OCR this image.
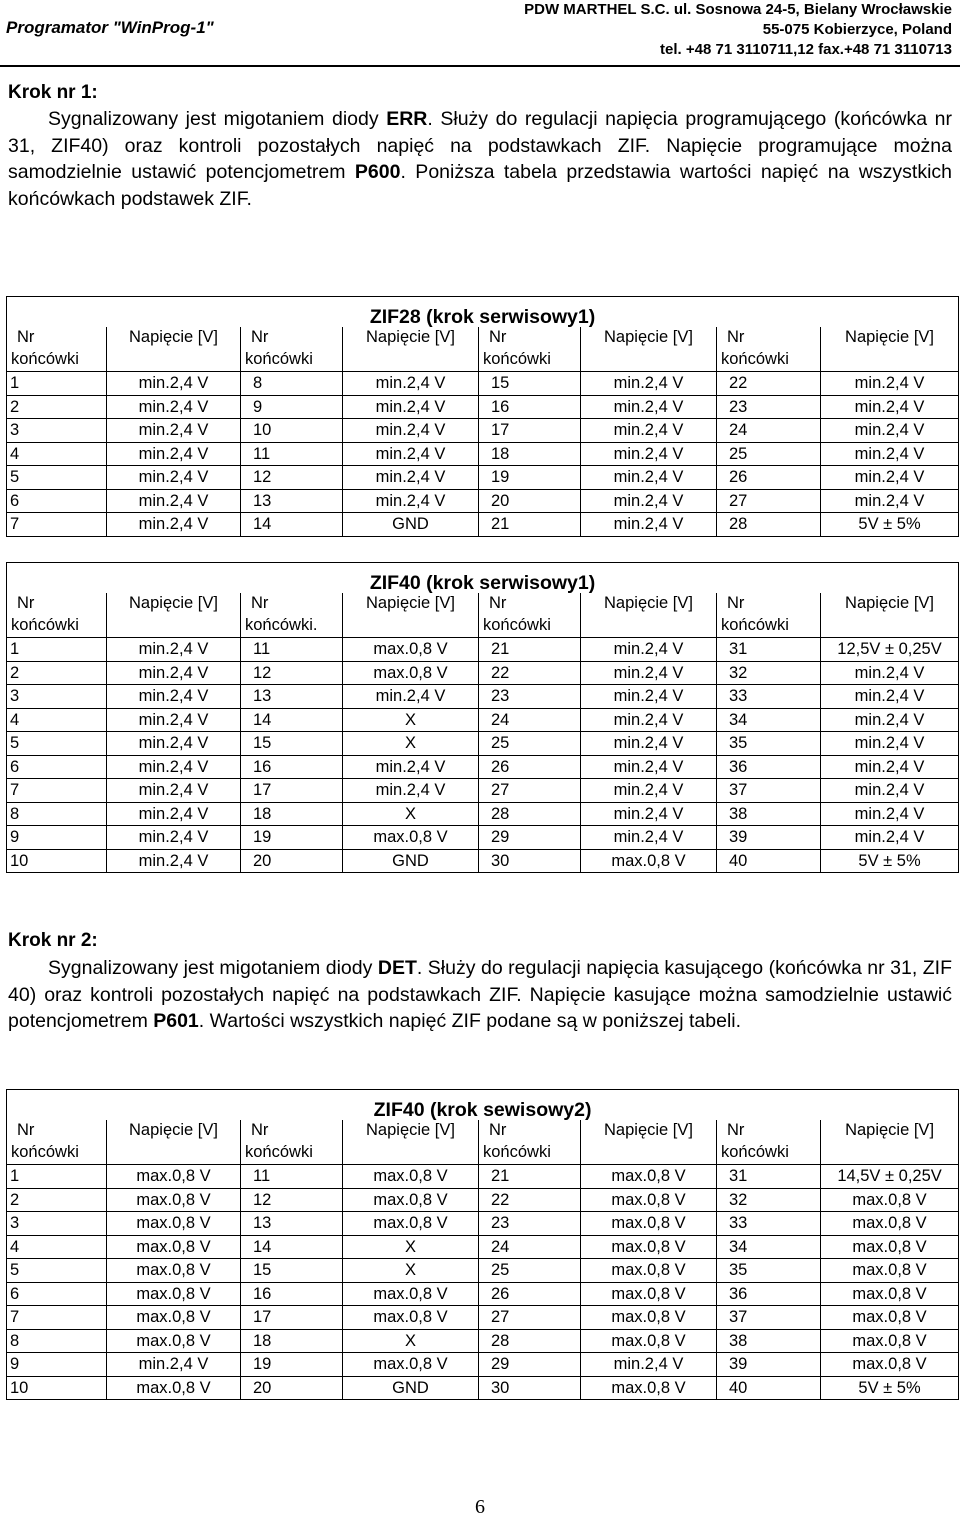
Programator "WinProg-1"
PDW MARTHEL S.C. ul. Sosnowa 24-5, Bielany Wrocławskie
55-075 Kobierzyce, Poland
tel. +48 71 3110711,12 fax.+48 71 3110713
Krok nr 1:
Sygnalizowany jest migotaniem diody ERR. Służy do regulacji napięcia programującego (końcówka nr 31, ZIF40) oraz kontroli pozostałych napięć na podstawkach ZIF. Napięcie programujące można samodzielnie ustawić potencjometrem P600. Poniższa tabela przedstawia wartości napięć na wszystkich końcówkach podstawek ZIF.
ZIF28 (krok serwisowy1)							
Nr	Napięcie [V]	Nr	Napięcie [V]	Nr	Napięcie [V]	Nr	Napięcie [V]
końcówki		końcówki		końcówki		końcówki	
1	min.2,4 V	8	min.2,4 V	15	min.2,4 V	22	min.2,4 V
2	min.2,4 V	9	min.2,4 V	16	min.2,4 V	23	min.2,4 V
3	min.2,4 V	10	min.2,4 V	17	min.2,4 V	24	min.2,4 V
4	min.2,4 V	11	min.2,4 V	18	min.2,4 V	25	min.2,4 V
5	min.2,4 V	12	min.2,4 V	19	min.2,4 V	26	min.2,4 V
6	min.2,4 V	13	min.2,4 V	20	min.2,4 V	27	min.2,4 V
7	min.2,4 V	14	GND	21	min.2,4 V	28	5V ± 5%
ZIF40 (krok serwisowy1)							
Nr	Napięcie [V]	Nr	Napięcie [V]	Nr	Napięcie [V]	Nr	Napięcie [V]
końcówki		końcówki.		końcówki		końcówki	
1	min.2,4 V	11	max.0,8 V	21	min.2,4 V	31	12,5V ± 0,25V
2	min.2,4 V	12	max.0,8 V	22	min.2,4 V	32	min.2,4 V
3	min.2,4 V	13	min.2,4 V	23	min.2,4 V	33	min.2,4 V
4	min.2,4 V	14	X	24	min.2,4 V	34	min.2,4 V
5	min.2,4 V	15	X	25	min.2,4 V	35	min.2,4 V
6	min.2,4 V	16	min.2,4 V	26	min.2,4 V	36	min.2,4 V
7	min.2,4 V	17	min.2,4 V	27	min.2,4 V	37	min.2,4 V
8	min.2,4 V	18	X	28	min.2,4 V	38	min.2,4 V
9	min.2,4 V	19	max.0,8 V	29	min.2,4 V	39	min.2,4 V
10	min.2,4 V	20	GND	30	max.0,8 V	40	5V ± 5%
Krok nr 2:
Sygnalizowany jest migotaniem diody DET. Służy do regulacji napięcia kasującego (końcówka nr 31, ZIF 40) oraz kontroli pozostałych napięć na podstawkach ZIF. Napięcie kasujące można samodzielnie ustawić potencjometrem P601. Wartości wszystkich napięć ZIF podane są w poniższej tabeli.
ZIF40 (krok sewisowy2)							
Nr	Napięcie [V]	Nr	Napięcie [V]	Nr	Napięcie [V]	Nr	Napięcie [V]
końcówki		końcówki		końcówki		końcówki	
1	max.0,8 V	11	max.0,8 V	21	max.0,8 V	31	14,5V ± 0,25V
2	max.0,8 V	12	max.0,8 V	22	max.0,8 V	32	max.0,8 V
3	max.0,8 V	13	max.0,8 V	23	max.0,8 V	33	max.0,8 V
4	max.0,8 V	14	X	24	max.0,8 V	34	max.0,8 V
5	max.0,8 V	15	X	25	max.0,8 V	35	max.0,8 V
6	max.0,8 V	16	max.0,8 V	26	max.0,8 V	36	max.0,8 V
7	max.0,8 V	17	max.0,8 V	27	max.0,8 V	37	max.0,8 V
8	max.0,8 V	18	X	28	max.0,8 V	38	max.0,8 V
9	min.2,4 V	19	max.0,8 V	29	min.2,4 V	39	max.0,8 V
10	max.0,8 V	20	GND	30	max.0,8 V	40	5V ± 5%
6
